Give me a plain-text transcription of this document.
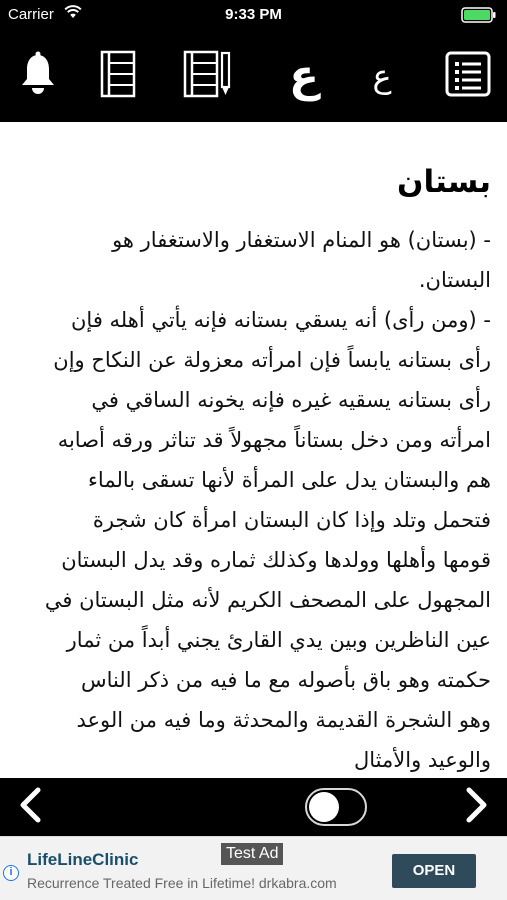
Carrier	9:33 PM
ع ع
بستان
- (بستان) هو المنام الاستغفار والاستغفار هو
البستان.
- (ومن رأى) أنه يسقي بستانه فإنه يأتي أهله فإن
رأى بستانه يابساً فإن امرأته معزولة عن النكاح وإن
رأى بستانه يسقيه غيره فإنه يخونه الساقي في
امرأته ومن دخل بستاناً مجهولاً قد تناثر ورقه أصابه
هم والبستان يدل على المرأة لأنها تسقى بالماء
فتحمل وتلد وإذا كان البستان امرأة كان شجرة
قومها وأهلها وولدها وكذلك ثماره وقد يدل البستان
المجهول على المصحف الكريم لأنه مثل البستان في
عين الناظرين وبين يدي القارئ يجني أبداً من ثمار
حكمته وهو باق بأصوله مع ما فيه من ذكر الناس
وهو الشجرة القديمة والمحدثة وما فيه من الوعد
والوعيد والأمثال
i
Test Ad
LifeLineClinic
Recurrence Treated Free in Lifetime! drkabra.com
OPEN
